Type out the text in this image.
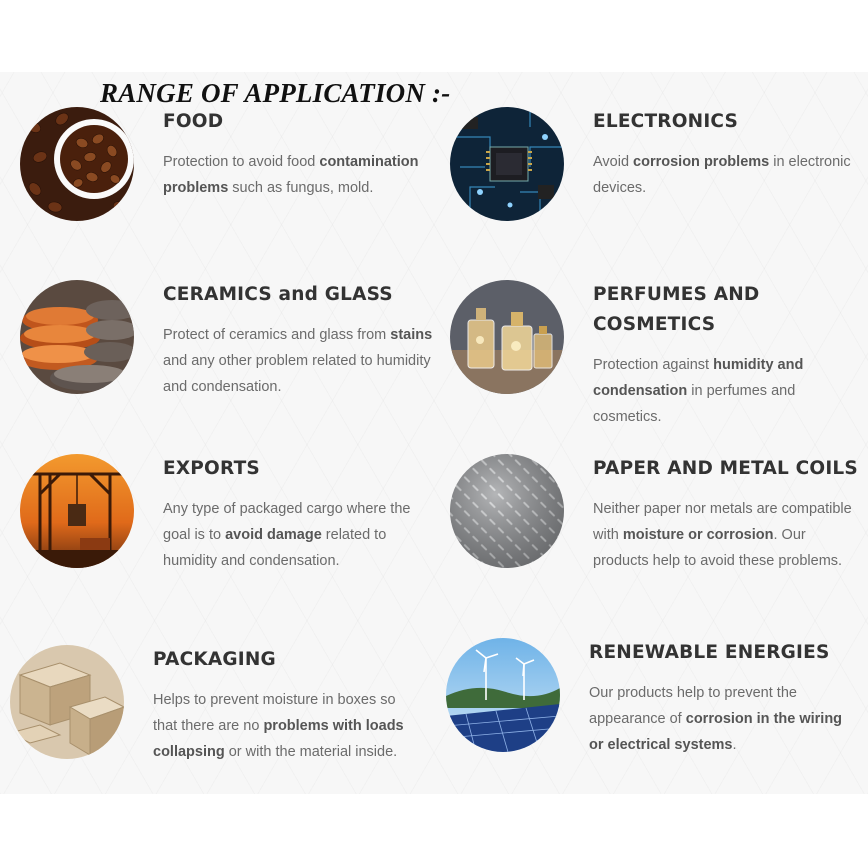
RANGE OF APPLICATION :-
FOOD

Protection to avoid food contamination problems such as fungus, mold.

ELECTRONICS

Avoid corrosion problems in electronic devices.

CERAMICS and GLASS

Protect of ceramics and glass from stains and any other problem related to humidity and condensation.

PERFUMES AND COSMETICS

Protection against humidity and condensation in perfumes and cosmetics.

EXPORTS

Any type of packaged cargo where the goal is to avoid damage related to humidity and condensation.

PAPER AND METAL COILS

Neither paper nor metals are compatible with moisture or corrosion. Our products help to avoid these problems.

PACKAGING

Helps to prevent moisture in boxes so that there are no problems with loads collapsing or with the material inside.

RENEWABLE ENERGIES

Our products help to prevent the appearance of corrosion in the wiring or electrical systems.
